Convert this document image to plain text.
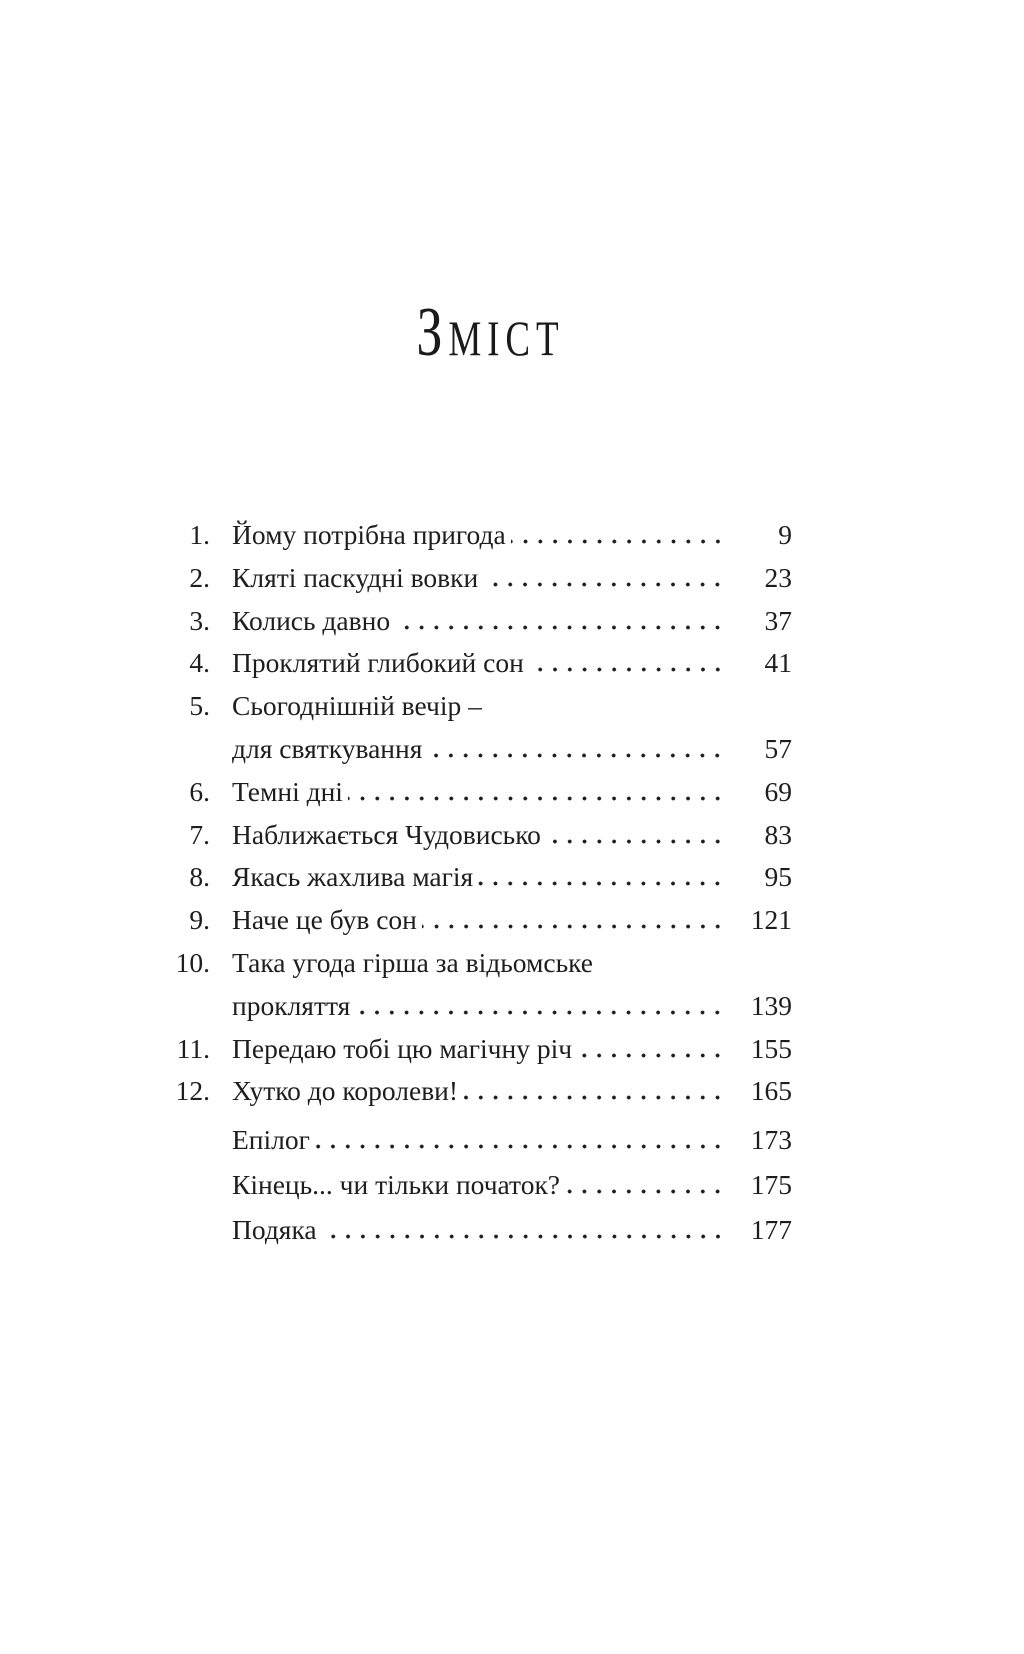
ЗМІСТ
1. Йому потрібна пригода	9
2. Кляті паскудні вовки	23
3. Колись давно	37
4. Проклятий глибокий сон	41
5. Сьогоднішній вечір –
для святкування	57
6. Темні дні	69
7. Наближається Чудовисько	83
8. Якась жахлива магія	95
9. Наче це був сон	121
10. Така угода гірша за відьомське
прокляття	139
11. Передаю тобі цю магічну річ	155
12. Хутко до королеви!	165
Епілог	173
Кінець... чи тільки початок?	175
Подяка	177
